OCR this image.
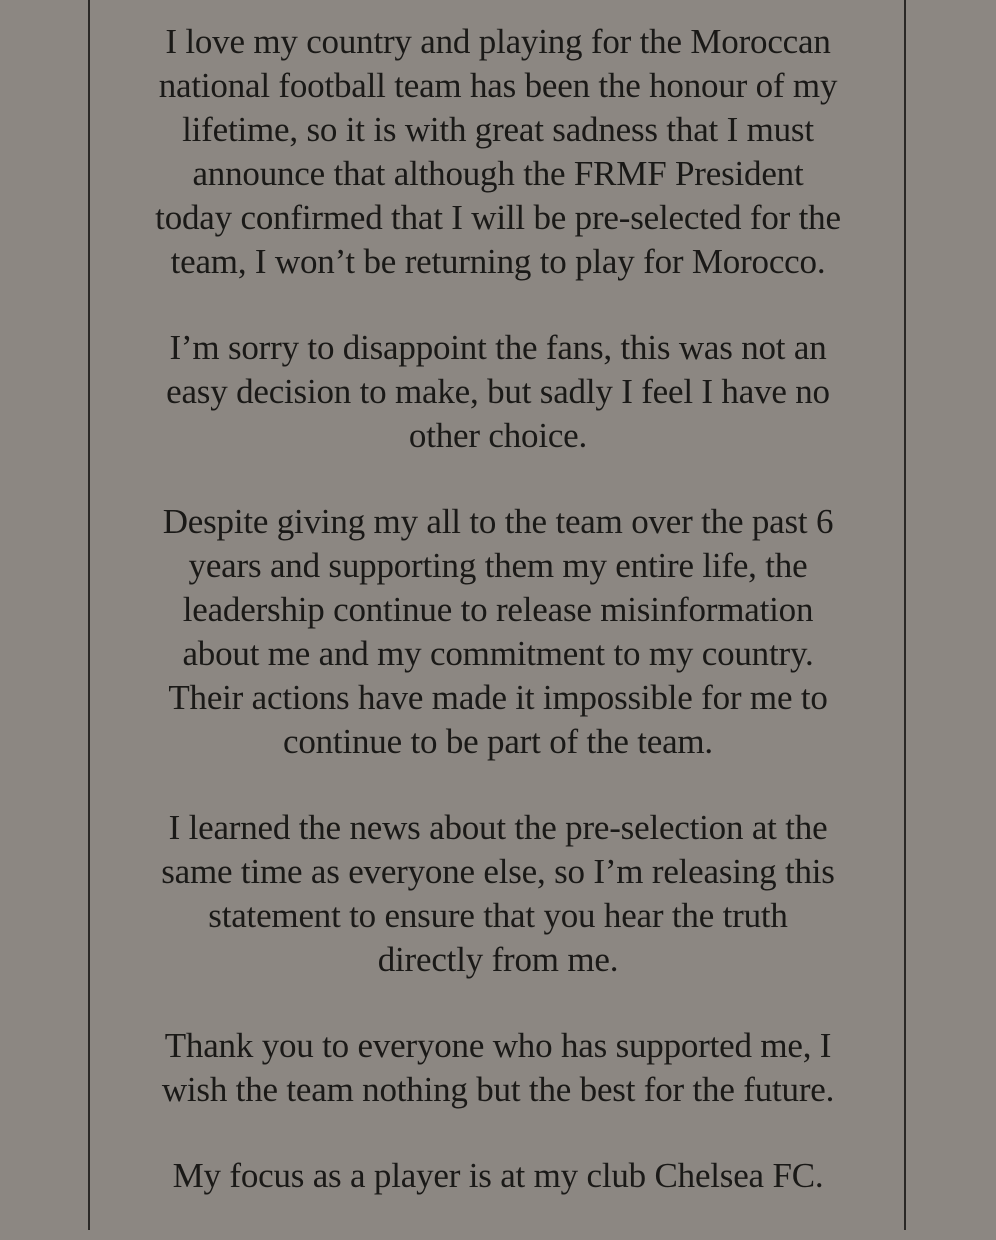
I love my country and playing for the Moroccan
national football team has been the honour of my
lifetime, so it is with great sadness that I must
announce that although the FRMF President
today confirmed that I will be pre-selected for the
team, I won’t be returning to play for Morocco.

I’m sorry to disappoint the fans, this was not an
easy decision to make, but sadly I feel I have no
other choice.

Despite giving my all to the team over the past 6
years and supporting them my entire life, the
leadership continue to release misinformation
about me and my commitment to my country.
Their actions have made it impossible for me to
continue to be part of the team.

I learned the news about the pre-selection at the
same time as everyone else, so I’m releasing this
statement to ensure that you hear the truth
directly from me.

Thank you to everyone who has supported me, I
wish the team nothing but the best for the future.

My focus as a player is at my club Chelsea FC.
